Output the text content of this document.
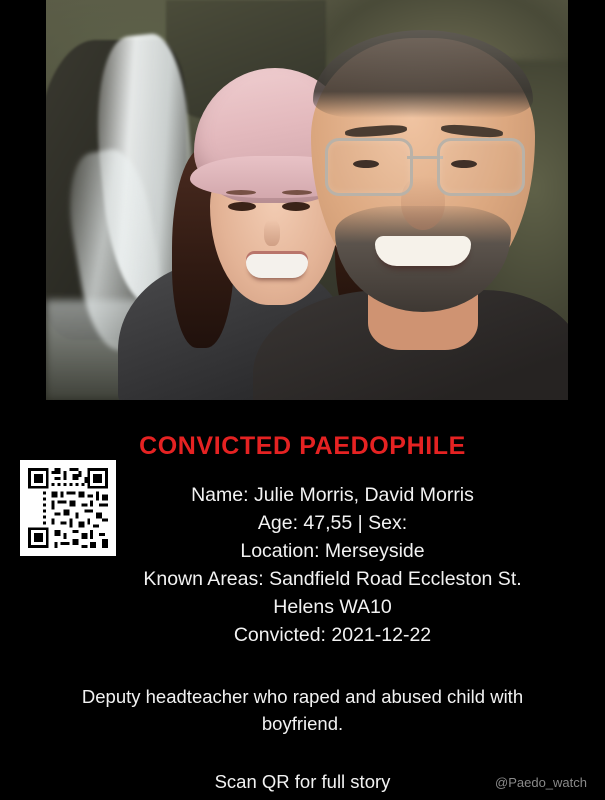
CONVICTED PAEDOPHILE
Name: Julie Morris, David Morris
Age: 47,55 | Sex:
Location: Merseyside
Known Areas: Sandfield Road Eccleston St. Helens WA10
Convicted: 2021-12-22
Deputy headteacher who raped and abused child with boyfriend.
Scan QR for full story	@Paedo_watch
